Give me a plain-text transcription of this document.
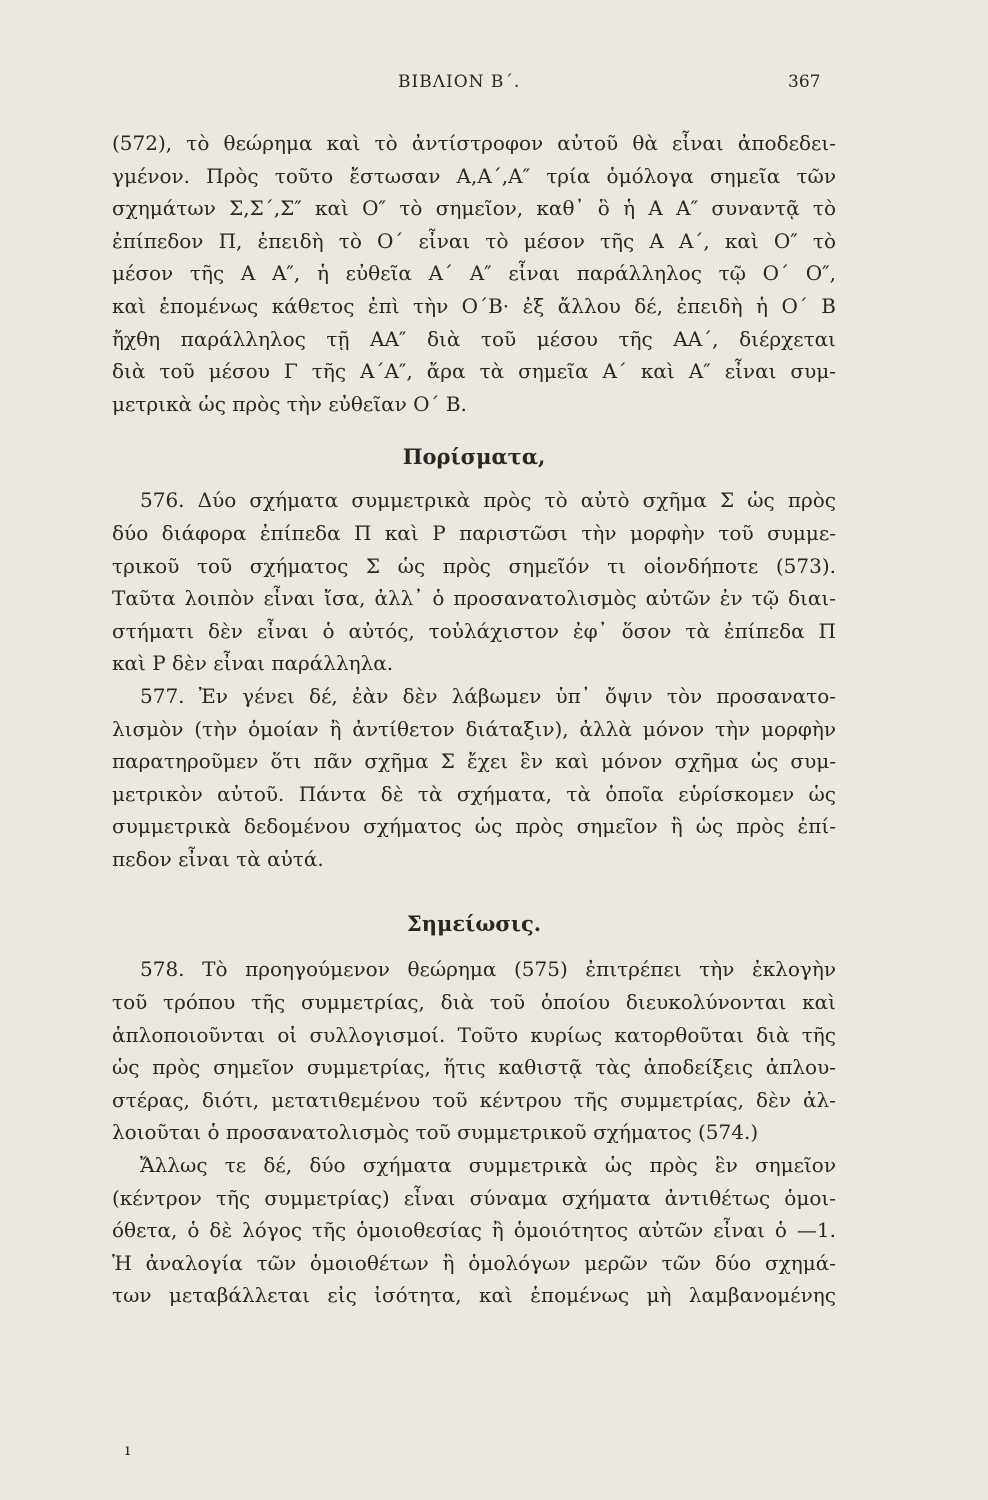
ΒΙΒΛΙΟΝ Β΄.	367
(572), τὸ θεώρημα καὶ τὸ ἀντίστροφον αὐτοῦ θὰ εἶναι ἀποδεδει-
γμένον. Πρὸς τοῦτο ἔστωσαν Α,Α΄,Α″ τρία ὁμόλογα σημεῖα τῶν
σχημάτων Σ,Σ΄,Σ″ καὶ Ο″ τὸ σημεῖον, καθ᾽ ὃ ἡ Α Α″ συναντᾷ τὸ
ἐπίπεδον Π, ἐπειδὴ τὸ Ο΄ εἶναι τὸ μέσον τῆς Α Α΄, καὶ Ο″ τὸ
μέσον τῆς Α Α″, ἡ εὐθεῖα Α΄ Α″ εἶναι παράλληλος τῷ Ο΄ Ο″,
καὶ ἑπομένως κάθετος ἐπὶ τὴν Ο΄Β· ἐξ ἄλλου δέ, ἐπειδὴ ἡ Ο΄ Β
ἤχθη παράλληλος τῇ ΑΑ″ διὰ τοῦ μέσου τῆς ΑΑ΄, διέρχεται
διὰ τοῦ μέσου Γ τῆς Α΄Α″, ἄρα τὰ σημεῖα Α΄ καὶ Α″ εἶναι συμ-
μετρικὰ ὡς πρὸς τὴν εὐθεῖαν Ο΄ Β.
Πορίσματα,
576. Δύο σχήματα συμμετρικὰ πρὸς τὸ αὐτὸ σχῆμα Σ ὡς πρὸς
δύο διάφορα ἐπίπεδα Π καὶ Ρ παριστῶσι τὴν μορφὴν τοῦ συμμε-
τρικοῦ τοῦ σχήματος Σ ὡς πρὸς σημεῖόν τι οἱονδήποτε (573).
Ταῦτα λοιπὸν εἶναι ἴσα, ἀλλ᾽ ὁ προσανατολισμὸς αὐτῶν ἐν τῷ διαι-
στήματι δὲν εἶναι ὁ αὐτός, τοὐλάχιστον ἐφ᾽ ὅσον τὰ ἐπίπεδα Π
καὶ Ρ δὲν εἶναι παράλληλα.
577. Ἐν γένει δέ, ἐὰν δὲν λάβωμεν ὑπ᾽ ὄψιν τὸν προσανατο-
λισμὸν (τὴν ὁμοίαν ἢ ἀντίθετον διάταξιν), ἀλλὰ μόνον τὴν μορφὴν
παρατηροῦμεν ὅτι πᾶν σχῆμα Σ ἔχει ἓν καὶ μόνον σχῆμα ὡς συμ-
μετρικὸν αὐτοῦ. Πάντα δὲ τὰ σχήματα, τὰ ὁποῖα εὑρίσκομεν ὡς
συμμετρικὰ δεδομένου σχήματος ὡς πρὸς σημεῖον ἢ ὡς πρὸς ἐπί-
πεδον εἶναι τὰ αὐτά.
Σημείωσις.
578. Τὸ προηγούμενον θεώρημα (575) ἐπιτρέπει τὴν ἐκλογὴν
τοῦ τρόπου τῆς συμμετρίας, διὰ τοῦ ὁποίου διευκολύνονται καὶ
ἁπλοποιοῦνται οἱ συλλογισμοί. Τοῦτο κυρίως κατορθοῦται διὰ τῆς
ὡς πρὸς σημεῖον συμμετρίας, ἥτις καθιστᾷ τὰς ἀποδείξεις ἁπλου-
στέρας, διότι, μετατιθεμένου τοῦ κέντρου τῆς συμμετρίας, δὲν ἀλ-
λοιοῦται ὁ προσανατολισμὸς τοῦ συμμετρικοῦ σχήματος (574.)
Ἄλλως τε δέ, δύο σχήματα συμμετρικὰ ὡς πρὸς ἓν σημεῖον
(κέντρον τῆς συμμετρίας) εἶναι σύναμα σχήματα ἀντιθέτως ὁμοι-
όθετα, ὁ δὲ λόγος τῆς ὁμοιοθεσίας ἢ ὁμοιότητος αὐτῶν εἶναι ὁ —1.
Ἡ ἀναλογία τῶν ὁμοιοθέτων ἢ ὁμολόγων μερῶν τῶν δύο σχημά-
των μεταβάλλεται εἰς ἰσότητα, καὶ ἑπομένως μὴ λαμβανομένης
ı
